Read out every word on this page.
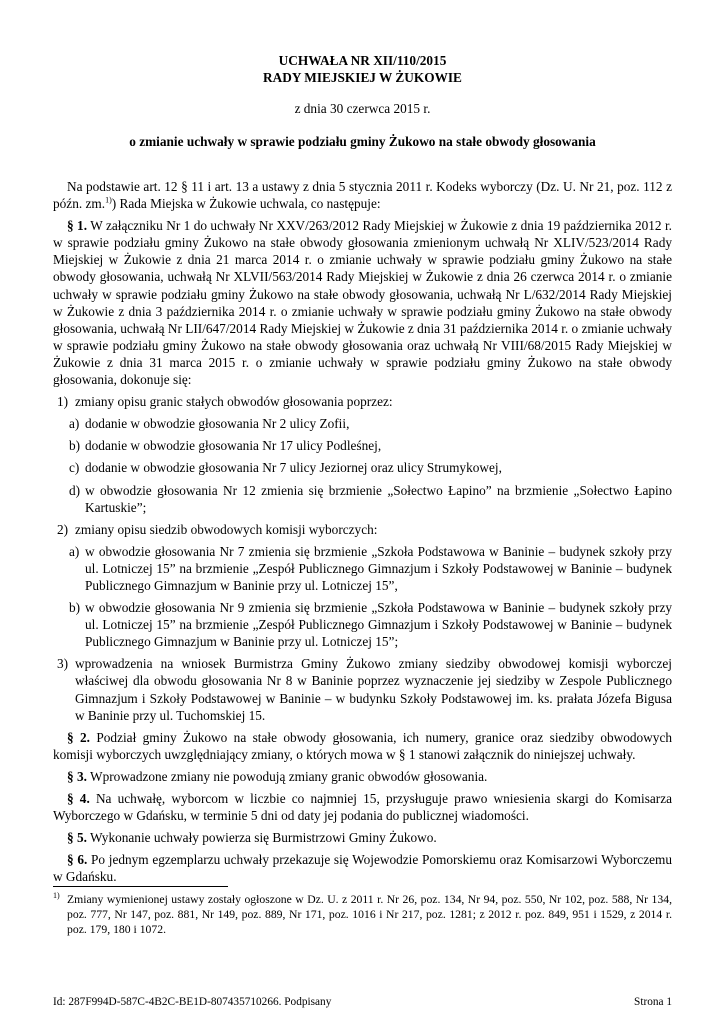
UCHWAŁA NR XII/110/2015
RADY MIEJSKIEJ W ŻUKOWIE
z dnia 30 czerwca 2015 r.
o zmianie uchwały w sprawie podziału gminy Żukowo na stałe obwody głosowania

Na podstawie art. 12 § 11 i art. 13 a ustawy z dnia 5 stycznia 2011 r. Kodeks wyborczy (Dz. U. Nr 21, poz. 112 z późn. zm.$^{1)}$) Rada Miejska w Żukowie uchwala, co następuje:

§ 1. W załączniku Nr 1 do uchwały Nr XXV/263/2012 Rady Miejskiej w Żukowie z dnia 19 października 2012 r. w sprawie podziału gminy Żukowo na stałe obwody głosowania zmienionym uchwałą Nr XLIV/523/2014 Rady Miejskiej w Żukowie z dnia 21 marca 2014 r. o zmianie uchwały w sprawie podziału gminy Żukowo na stałe obwody głosowania, uchwałą Nr XLVII/563/2014 Rady Miejskiej w Żukowie z dnia 26 czerwca 2014 r. o zmianie uchwały w sprawie podziału gminy Żukowo na stałe obwody głosowania, uchwałą Nr L/632/2014 Rady Miejskiej w Żukowie z dnia 3 października 2014 r. o zmianie uchwały w sprawie podziału gminy Żukowo na stałe obwody głosowania, uchwałą Nr LII/647/2014 Rady Miejskiej w Żukowie z dnia 31 października 2014 r. o zmianie uchwały w sprawie podziału gminy Żukowo na stałe obwody głosowania oraz uchwałą Nr VIII/68/2015 Rady Miejskiej w Żukowie z dnia 31 marca 2015 r. o zmianie uchwały w sprawie podziału gminy Żukowo na stałe obwody głosowania, dokonuje się:

1) zmiany opisu granic stałych obwodów głosowania poprzez:
a) dodanie w obwodzie głosowania Nr 2 ulicy Zofii,
b) dodanie w obwodzie głosowania Nr 17 ulicy Podleśnej,
c) dodanie w obwodzie głosowania Nr 7 ulicy Jeziornej oraz ulicy Strumykowej,
d) w obwodzie głosowania Nr 12 zmienia się brzmienie „Sołectwo Łapino” na brzmienie „Sołectwo Łapino Kartuskie”;
2) zmiany opisu siedzib obwodowych komisji wyborczych:
a) w obwodzie głosowania Nr 7 zmienia się brzmienie „Szkoła Podstawowa w Baninie – budynek szkoły przy ul. Lotniczej 15” na brzmienie „Zespół Publicznego Gimnazjum i Szkoły Podstawowej w Baninie – budynek Publicznego Gimnazjum w Baninie przy ul. Lotniczej 15”,
b) w obwodzie głosowania Nr 9 zmienia się brzmienie „Szkoła Podstawowa w Baninie – budynek szkoły przy ul. Lotniczej 15” na brzmienie „Zespół Publicznego Gimnazjum i Szkoły Podstawowej w Baninie – budynek Publicznego Gimnazjum w Baninie przy ul. Lotniczej 15”;
3) wprowadzenia na wniosek Burmistrza Gminy Żukowo zmiany siedziby obwodowej komisji wyborczej właściwej dla obwodu głosowania Nr 8 w Baninie poprzez wyznaczenie jej siedziby w Zespole Publicznego Gimnazjum i Szkoły Podstawowej w Baninie – w budynku Szkoły Podstawowej im. ks. prałata Józefa Bigusa w Baninie przy ul. Tuchomskiej 15.

§ 2. Podział gminy Żukowo na stałe obwody głosowania, ich numery, granice oraz siedziby obwodowych komisji wyborczych uwzględniający zmiany, o których mowa w § 1 stanowi załącznik do niniejszej uchwały.

§ 3. Wprowadzone zmiany nie powodują zmiany granic obwodów głosowania.

§ 4. Na uchwałę, wyborcom w liczbie co najmniej 15, przysługuje prawo wniesienia skargi do Komisarza Wyborczego w Gdańsku, w terminie 5 dni od daty jej podania do publicznej wiadomości.

§ 5. Wykonanie uchwały powierza się Burmistrzowi Gminy Żukowo.

§ 6. Po jednym egzemplarzu uchwały przekazuje się Wojewodzie Pomorskiemu oraz Komisarzowi Wyborczemu w Gdańsku.

$^{1)}$ Zmiany wymienionej ustawy zostały ogłoszone w Dz. U. z 2011 r. Nr 26, poz. 134, Nr 94, poz. 550, Nr 102, poz. 588, Nr 134, poz. 777, Nr 147, poz. 881, Nr 149, poz. 889, Nr 171, poz. 1016 i Nr 217, poz. 1281; z 2012 r. poz. 849, 951 i 1529, z 2014 r. poz. 179, 180 i 1072.
Id: 287F994D-587C-4B2C-BE1D-807435710266. Podpisany	Strona 1
